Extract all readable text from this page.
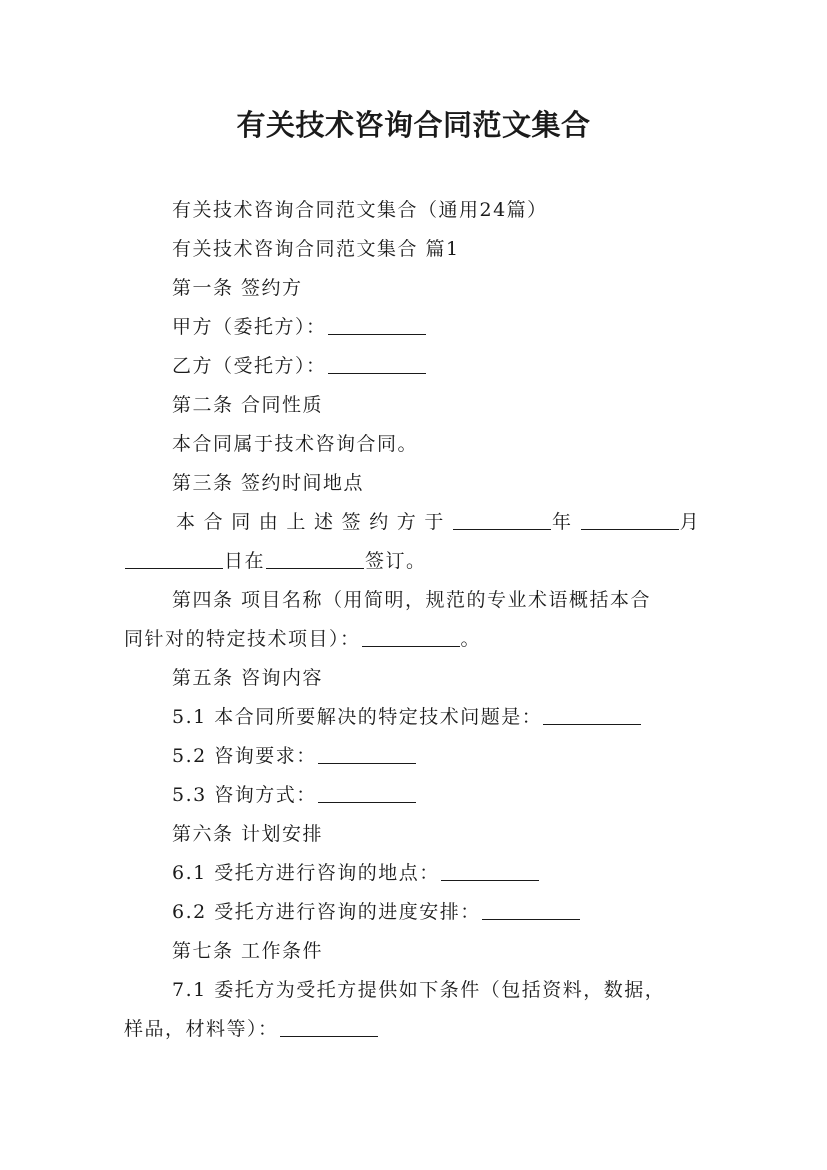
有关技术咨询合同范文集合
有关技术咨询合同范文集合（通用24篇）
有关技术咨询合同范文集合 篇1
第一条 签约方
甲方（委托方）：
乙方（受托方）：
第二条 合同性质
本合同属于技术咨询合同。
第三条 签约时间地点
本合同由上述签约方于	年	月
日在	签订。
第四条 项目名称（用简明，规范的专业术语概括本合
同针对的特定技术项目）：	。
第五条 咨询内容
5.1 本合同所要解决的特定技术问题是：
5.2 咨询要求：
5.3 咨询方式：
第六条 计划安排
6.1 受托方进行咨询的地点：
6.2 受托方进行咨询的进度安排：
第七条 工作条件
7.1 委托方为受托方提供如下条件（包括资料，数据，
样品，材料等）：
